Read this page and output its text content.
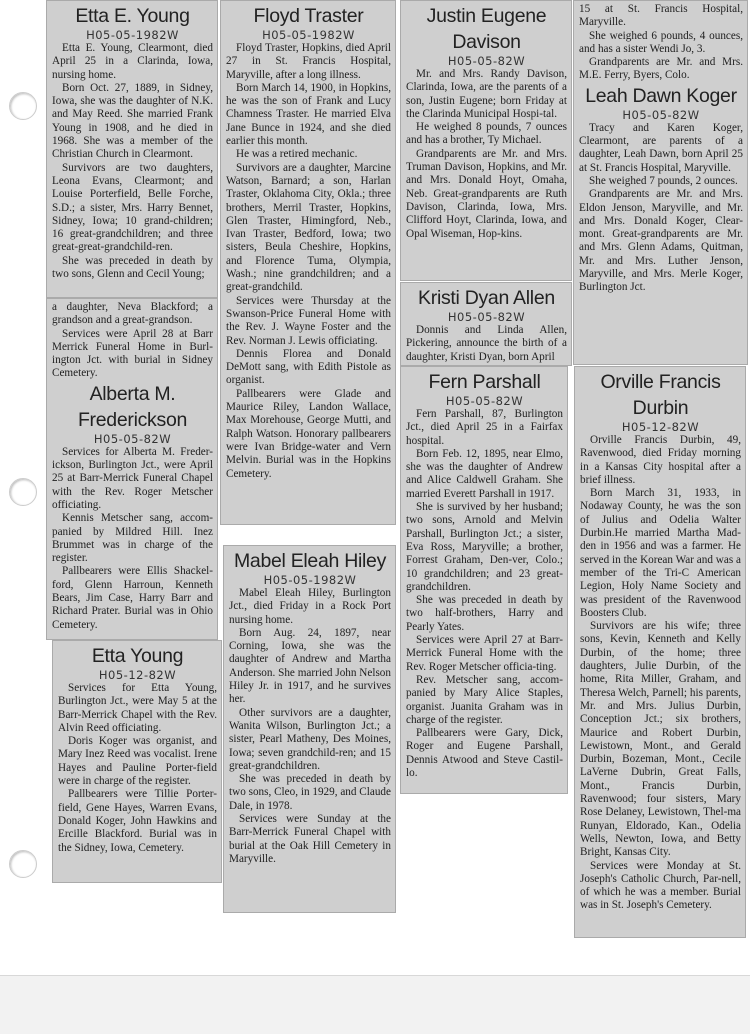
Etta E. Young
H05-05-1982W

Etta E. Young, Clearmont, died April 25 in a Clarinda, Iowa, nursing home.

Born Oct. 27, 1889, in Sidney, Iowa, she was the daughter of N.K. and May Reed. She married Frank Young in 1908, and he died in 1968. She was a member of the Christian Church in Clearmont.

Survivors are two daughters, Leona Evans, Clearmont; and Louise Porterfield, Belle Forche, S.D.; a sister, Mrs. Harry Bennet, Sidney, Iowa; 10 grand-children; 16 great-grandchildren; and three great-great-grandchild-ren.

She was preceded in death by two sons, Glenn and Cecil Young;

a daughter, Neva Blackford; a grandson and a great-grandson.

Services were April 28 at Barr Merrick Funeral Home in Burl-ington Jct. with burial in Sidney Cemetery.

Alberta M. Frederickson
H05-05-82W

Services for Alberta M. Freder-ickson, Burlington Jct., were April 25 at Barr-Merrick Funeral Chapel with the Rev. Roger Metscher officiating.

Kennis Metscher sang, accom-panied by Mildred Hill. Inez Brummet was in charge of the register.

Pallbearers were Ellis Shackel-ford, Glenn Harroun, Kenneth Bears, Jim Case, Harry Barr and Richard Prater. Burial was in Ohio Cemetery.

Etta Young
H05-12-82W

Services for Etta Young, Burlington Jct., were May 5 at the Barr-Merrick Chapel with the Rev. Alvin Reed officiating.

Doris Koger was organist, and Mary Inez Reed was vocalist. Irene Hayes and Pauline Porter-field were in charge of the register.

Pallbearers were Tillie Porter-field, Gene Hayes, Warren Evans, Donald Koger, John Hawkins and Ercille Blackford. Burial was in the Sidney, Iowa, Cemetery.

Floyd Traster
H05-05-1982W

Floyd Traster, Hopkins, died April 27 in St. Francis Hospital, Maryville, after a long illness.

Born March 14, 1900, in Hopkins, he was the son of Frank and Lucy Chamness Traster. He married Elva Jane Bunce in 1924, and she died earlier this month.

He was a retired mechanic.

Survivors are a daughter, Marcine Watson, Barnard; a son, Harlan Traster, Oklahoma City, Okla.; three brothers, Merril Traster, Hopkins, Glen Traster, Himingford, Neb., Ivan Traster, Bedford, Iowa; two sisters, Beula Cheshire, Hopkins, and Florence Tuma, Olympia, Wash.; nine grandchildren; and a great-grandchild.

Services were Thursday at the Swanson-Price Funeral Home with the Rev. J. Wayne Foster and the Rev. Norman J. Lewis officiating.

Dennis Florea and Donald DeMott sang, with Edith Pistole as organist.

Pallbearers were Glade and Maurice Riley, Landon Wallace, Max Morehouse, George Mutti, and Ralph Watson. Honorary pallbearers were Ivan Bridge-water and Vern Melvin. Burial was in the Hopkins Cemetery.

Mabel Eleah Hiley
H05-05-1982W

Mabel Eleah Hiley, Burlington Jct., died Friday in a Rock Port nursing home.

Born Aug. 24, 1897, near Corning, Iowa, she was the daughter of Andrew and Martha Anderson. She married John Nelson Hiley Jr. in 1917, and he survives her.

Other survivors are a daughter, Wanita Wilson, Burlington Jct.; a sister, Pearl Matheny, Des Moines, Iowa; seven grandchild-ren; and 15 great-grandchildren.

She was preceded in death by two sons, Cleo, in 1929, and Claude Dale, in 1978.

Services were Sunday at the Barr-Merrick Funeral Chapel with burial at the Oak Hill Cemetery in Maryville.

Justin Eugene Davison
H05-05-82W

Mr. and Mrs. Randy Davison, Clarinda, Iowa, are the parents of a son, Justin Eugene; born Friday at the Clarinda Municipal Hospi-tal.

He weighed 8 pounds, 7 ounces and has a brother, Ty Michael.

Grandparents are Mr. and Mrs. Truman Davison, Hopkins, and Mr. and Mrs. Donald Hoyt, Omaha, Neb. Great-grandparents are Ruth Davison, Clarinda, Iowa, Mrs. Clifford Hoyt, Clarinda, Iowa, and Opal Wiseman, Hop-kins.

Kristi Dyan Allen
H05-05-82W

Donnis and Linda Allen, Pickering, announce the birth of a daughter, Kristi Dyan, born April

Fern Parshall
H05-05-82W

Fern Parshall, 87, Burlington Jct., died April 25 in a Fairfax hospital.

Born Feb. 12, 1895, near Elmo, she was the daughter of Andrew and Alice Caldwell Graham. She married Everett Parshall in 1917.

She is survived by her husband; two sons, Arnold and Melvin Parshall, Burlington Jct.; a sister, Eva Ross, Maryville; a brother, Forrest Graham, Den-ver, Colo.; 10 grandchildren; and 23 great-grandchildren.

She was preceded in death by two half-brothers, Harry and Pearly Yates.

Services were April 27 at Barr-Merrick Funeral Home with the Rev. Roger Metscher officia-ting.

Rev. Metscher sang, accom-panied by Mary Alice Staples, organist. Juanita Graham was in charge of the register.

Pallbearers were Gary, Dick, Roger and Eugene Parshall, Dennis Atwood and Steve Castil-lo.

15 at St. Francis Hospital, Maryville.

She weighed 6 pounds, 4 ounces, and has a sister Wendi Jo, 3.

Grandparents are Mr. and Mrs. M.E. Ferry, Byers, Colo.

Leah Dawn Koger
H05-05-82W

Tracy and Karen Koger, Clearmont, are parents of a daughter, Leah Dawn, born April 25 at St. Francis Hospital, Maryville.

She weighed 7 pounds, 2 ounces.

Grandparents are Mr. and Mrs. Eldon Jenson, Maryville, and Mr. and Mrs. Donald Koger, Clear-mont. Great-grandparents are Mr. and Mrs. Glenn Adams, Quitman, Mr. and Mrs. Luther Jenson, Maryville, and Mrs. Merle Koger, Burlington Jct.

Orville Francis Durbin
H05-12-82W

Orville Francis Durbin, 49, Ravenwood, died Friday morning in a Kansas City hospital after a brief illness.

Born March 31, 1933, in Nodaway County, he was the son of Julius and Odelia Walter Durbin.He married Martha Mad-den in 1956 and was a farmer. He served in the Korean War and was a member of the Tri-C American Legion, Holy Name Society and was president of the Ravenwood Boosters Club.

Survivors are his wife; three sons, Kevin, Kenneth and Kelly Durbin, of the home; three daughters, Julie Durbin, of the home, Rita Miller, Graham, and Theresa Welch, Parnell; his parents, Mr. and Mrs. Julius Durbin, Conception Jct.; six brothers, Maurice and Robert Durbin, Lewistown, Mont., and Gerald Durbin, Bozeman, Mont., Cecile LaVerne Dubrin, Great Falls, Mont., Francis Durbin, Ravenwood; four sisters, Mary Rose Delaney, Lewistown, Thel-ma Runyan, Eldorado, Kan., Odelia Wells, Newton, Iowa, and Betty Bright, Kansas City.

Services were Monday at St. Joseph's Catholic Church, Par-nell, of which he was a member. Burial was in St. Joseph's Cemetery.
